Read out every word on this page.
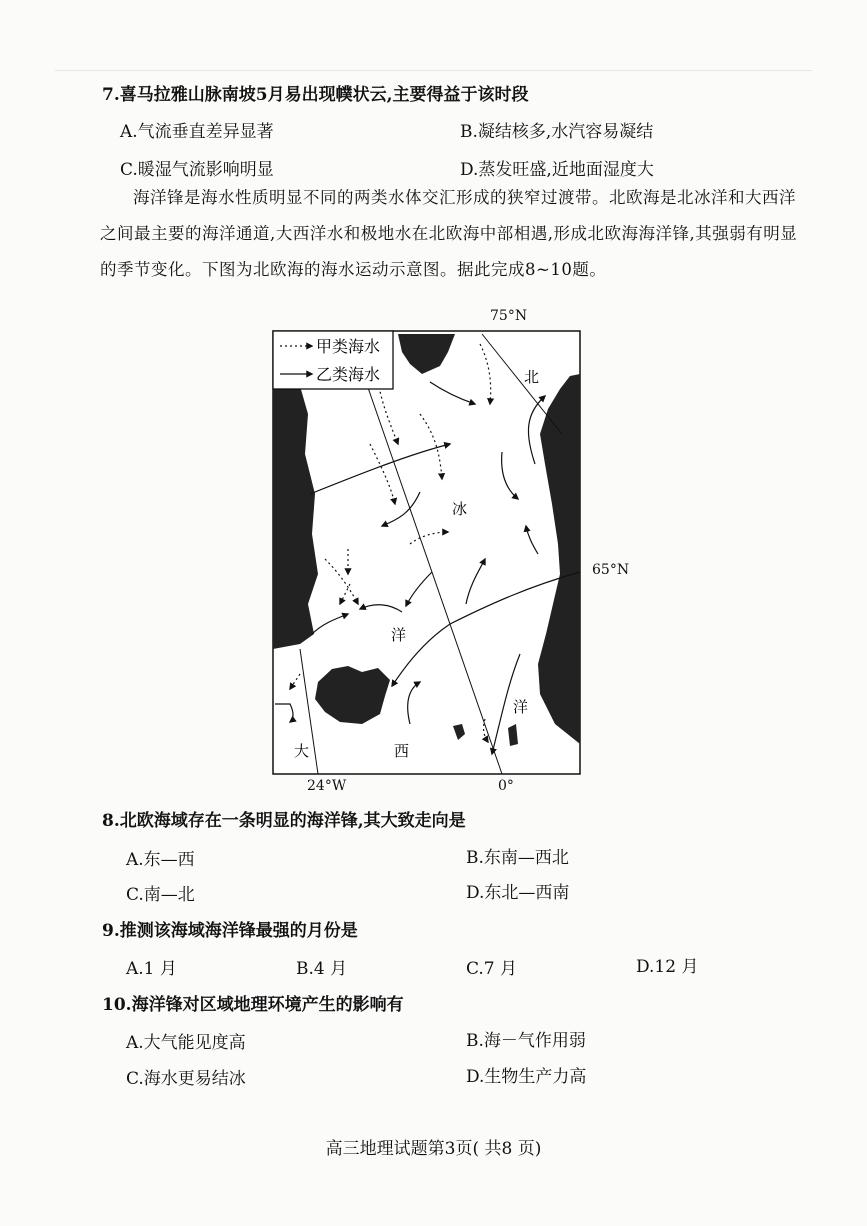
7.喜马拉雅山脉南坡5月易出现幞状云,主要得益于该时段
A.气流垂直差异显著	B.凝结核多,水汽容易凝结
C.暖湿气流影响明显	D.蒸发旺盛,近地面湿度大
海洋锋是海水性质明显不同的两类水体交汇形成的狭窄过渡带。北欧海是北冰洋和大西洋之间最主要的海洋通道,大西洋水和极地水在北欧海中部相遇,形成北欧海海洋锋,其强弱有明显的季节变化。下图为北欧海的海水运动示意图。据此完成8~10题。
甲类海水
乙类海水	北
冰
洋
洋
大	西
75°N
65°N
24°W	0°
8.北欧海域存在一条明显的海洋锋,其大致走向是
A.东—西	B.东南—西北
C.南—北	D.东北—西南
9.推测该海域海洋锋最强的月份是
A.1 月	B.4 月	C.7 月	D.12 月
10.海洋锋对区域地理环境产生的影响有
A.大气能见度高	B.海－气作用弱
C.海水更易结冰	D.生物生产力高
高三地理试题第3页( 共8 页)
